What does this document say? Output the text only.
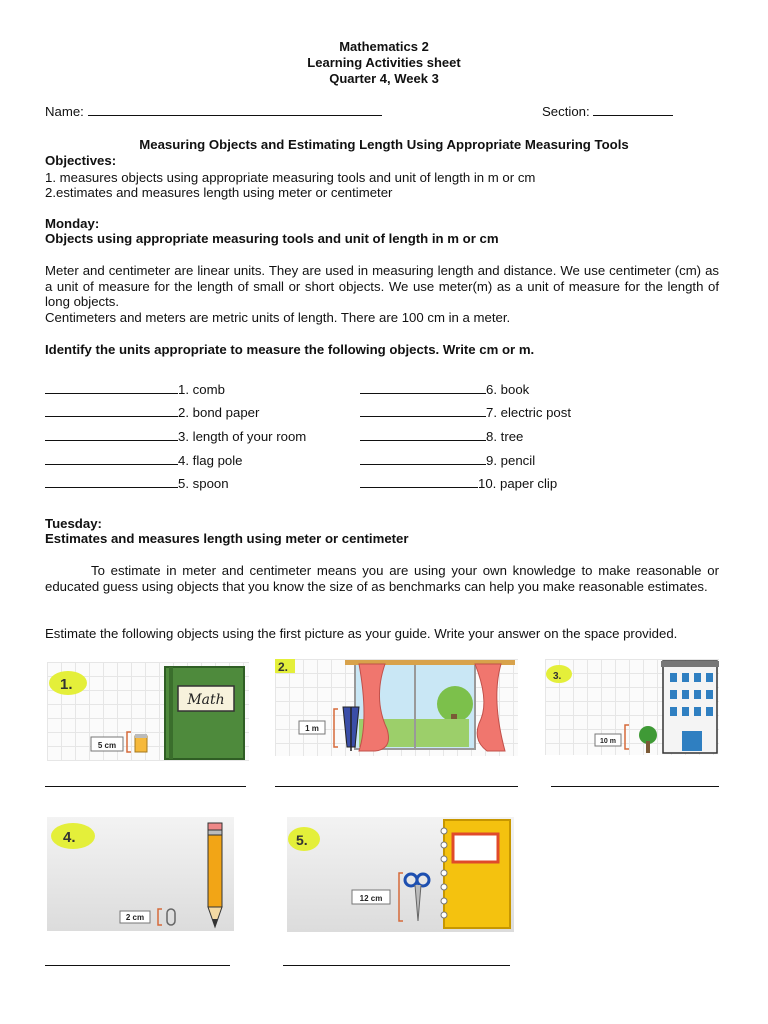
Mathematics 2
Learning Activities sheet
Quarter 4, Week 3
Name:	Section:
Measuring Objects and Estimating Length Using Appropriate Measuring Tools
Objectives:
1. measures objects using appropriate measuring tools and unit of length in m or cm
2.estimates and measures length using meter or centimeter
Monday:
Objects using appropriate measuring tools and unit of length in m or cm
Meter and centimeter are linear units. They are used in measuring length and distance. We use centimeter (cm) as a unit of measure for the length of small or short objects. We use meter(m) as a unit of measure for the length of long objects.
Centimeters and meters are metric units of length. There are 100 cm in a meter.
Identify the units appropriate to measure the following objects. Write cm or m.
1. comb
2. bond paper
3. length of your room
4. flag pole
5. spoon
6. book
7. electric post
8. tree
9. pencil
10. paper clip
Tuesday:
Estimates and measures length using meter or centimeter
To estimate in meter and centimeter means you are using your own knowledge to make reasonable or educated guess using objects that you know the size of as benchmarks can help you make reasonable estimates.
Estimate the following objects using the first picture as your guide. Write your answer on the space provided.
1.
Math
5 cm
1 m
2.
3.
10 m
4.
2 cm
5.
12 cm
